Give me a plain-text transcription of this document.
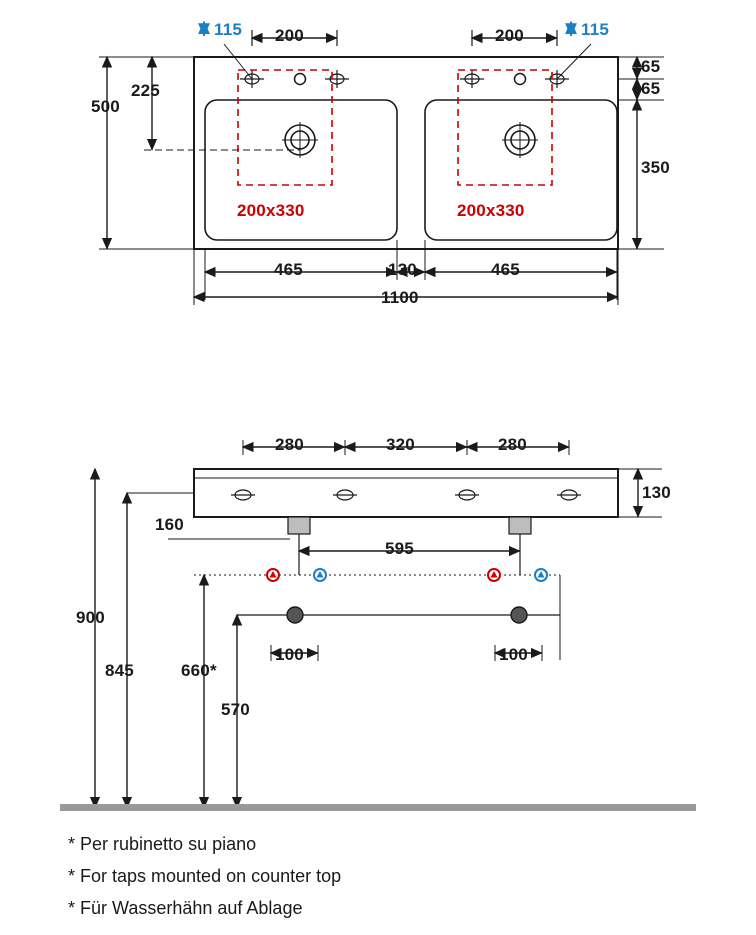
115	115
200	200
500
225
65
65
350
200x330	200x330
465	130	465
1100
280	320	280
130
160
595
900
845	660*
570
100	100
* Per rubinetto su piano
* For taps mounted on counter top
* Für Wasserhähn auf Ablage
